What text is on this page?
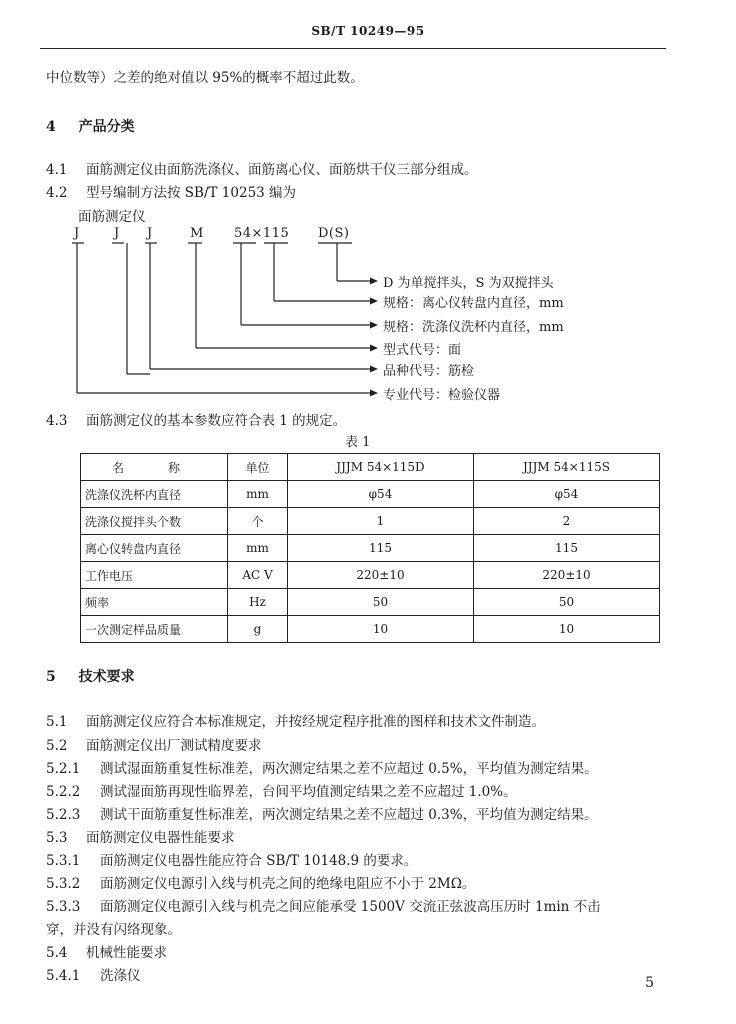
SB/T 10249—95
中位数等）之差的绝对值以 95%的概率不超过此数。
4 产品分类
4.1 面筋测定仪由面筋洗涤仪、面筋离心仪、面筋烘干仪三部分组成。
4.2 型号编制方法按 SB/T 10253 编为
面筋测定仪
J	J J	M 54×115 D(S)
D 为单搅拌头，S 为双搅拌头
规格：离心仪转盘内直径，mm
规格：洗涤仪洗杯内直径，mm
型式代号：面
品种代号：筋检
专业代号：检验仪器
4.3 面筋测定仪的基本参数应符合表 1 的规定。
表 1
名　称	单位	JJJM 54×115D	JJJM 54×115S
洗涤仪洗杯内直径	mm	φ54	φ54
洗涤仪搅拌头个数	个	1	2
离心仪转盘内直径	mm	115	115
工作电压	AC V	220±10	220±10
频率	Hz	50	50
一次测定样品质量	g	10	10
5 技术要求
5.1 面筋测定仪应符合本标准规定，并按经规定程序批准的图样和技术文件制造。
5.2 面筋测定仪出厂测试精度要求
5.2.1 测试湿面筋重复性标准差，两次测定结果之差不应超过 0.5%，平均值为测定结果。
5.2.2 测试湿面筋再现性临界差，台间平均值测定结果之差不应超过 1.0%。
5.2.3 测试干面筋重复性标准差，两次测定结果之差不应超过 0.3%，平均值为测定结果。
5.3 面筋测定仪电器性能要求
5.3.1 面筋测定仪电器性能应符合 SB/T 10148.9 的要求。
5.3.2 面筋测定仪电源引入线与机壳之间的绝缘电阻应不小于 2MΩ。
5.3.3 面筋测定仪电源引入线与机壳之间应能承受 1500V 交流正弦波高压历时 1min 不击
穿，并没有闪络现象。
5.4 机械性能要求
5.4.1 洗涤仪	5
